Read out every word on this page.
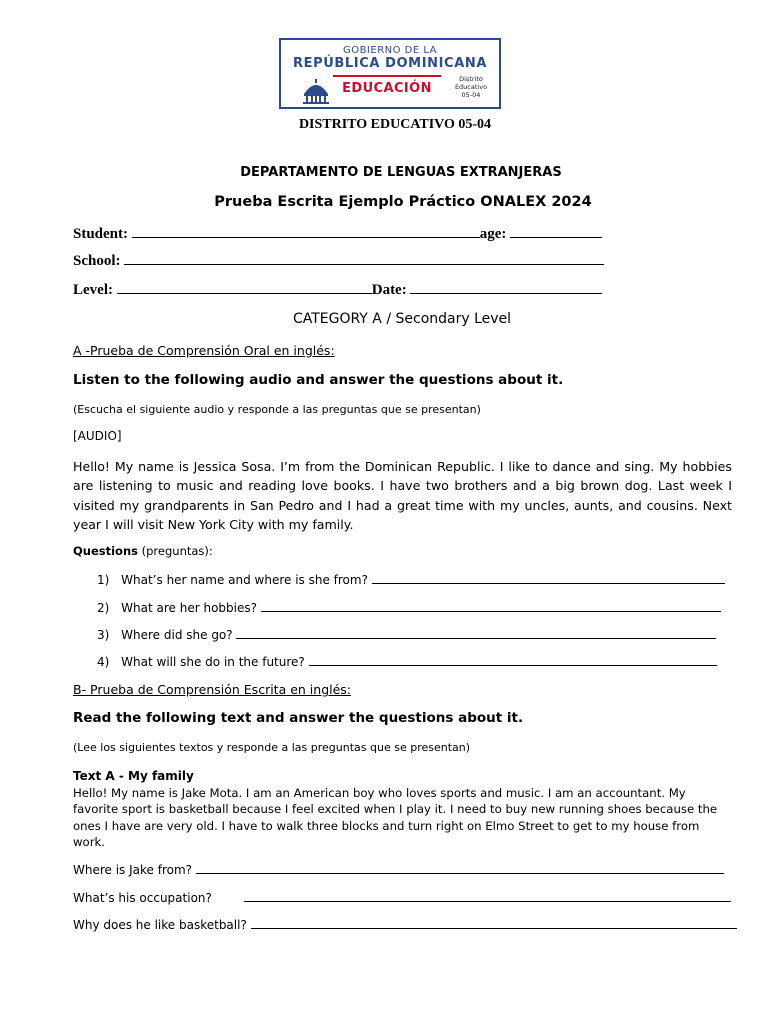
GOBIERNO DE LA
REPÚBLICA DOMINICANA
EDUCACIÓN
Distrito
Educativo
05-04
DISTRITO EDUCATIVO 05-04
DEPARTAMENTO DE LENGUAS EXTRANJERAS
Prueba Escrita Ejemplo Práctico ONALEX 2024
Student:	age:
School:
Level:	Date:
CATEGORY A / Secondary Level
A -Prueba de Comprensión Oral en inglés:
Listen to the following audio and answer the questions about it.
(Escucha el siguiente audio y responde a las preguntas que se presentan)
[AUDIO]
Hello! My name is Jessica Sosa. I’m from the Dominican Republic. I like to dance and sing. My hobbies are listening to music and reading love books. I have two brothers and a big brown dog. Last week I visited my grandparents in San Pedro and I had a great time with my uncles, aunts, and cousins. Next year I will visit New York City with my family.
Questions (preguntas):
1) What’s her name and where is she from?
2) What are her hobbies?
3) Where did she go?
4) What will she do in the future?
B- Prueba de Comprensión Escrita en inglés:
Read the following text and answer the questions about it.
(Lee los siguientes textos y responde a las preguntas que se presentan)
Text A - My family
Hello! My name is Jake Mota. I am an American boy who loves sports and music. I am an accountant. My favorite sport is basketball because I feel excited when I play it. I need to buy new running shoes because the ones I have are very old. I have to walk three blocks and turn right on Elmo Street to get to my house from work.
Where is Jake from?
What’s his occupation?
Why does he like basketball?
